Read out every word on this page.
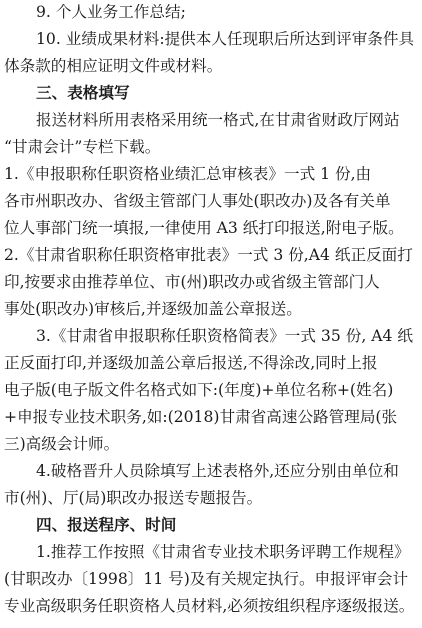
9. 个人业务工作总结;
10. 业绩成果材料:提供本人任现职后所达到评审条件具
体条款的相应证明文件或材料。
三、表格填写
报送材料所用表格采用统一格式,在甘肃省财政厅网站
“甘肃会计”专栏下载。
1.《申报职称任职资格业绩汇总审核表》一式 1 份,由
各市州职改办、省级主管部门人事处(职改办)及各有关单
位人事部门统一填报,一律使用 A3 纸打印报送,附电子版。
2.《甘肃省职称任职资格审批表》一式 3 份,A4 纸正反面打
印,按要求由推荐单位、市(州)职改办或省级主管部门人
事处(职改办)审核后,并逐级加盖公章报送。
3.《甘肃省申报职称任职资格简表》一式 35 份, A4 纸
正反面打印,并逐级加盖公章后报送,不得涂改,同时上报
电子版(电子版文件名格式如下:(年度)+单位名称+(姓名)
+申报专业技术职务,如:(2018)甘肃省高速公路管理局(张
三)高级会计师。
4.破格晋升人员除填写上述表格外,还应分别由单位和
市(州)、厅(局)职改办报送专题报告。
四、报送程序、时间
1.推荐工作按照《甘肃省专业技术职务评聘工作规程》
(甘职改办〔1998〕11 号)及有关规定执行。申报评审会计
专业高级职务任职资格人员材料,必须按组织程序逐级报送。
